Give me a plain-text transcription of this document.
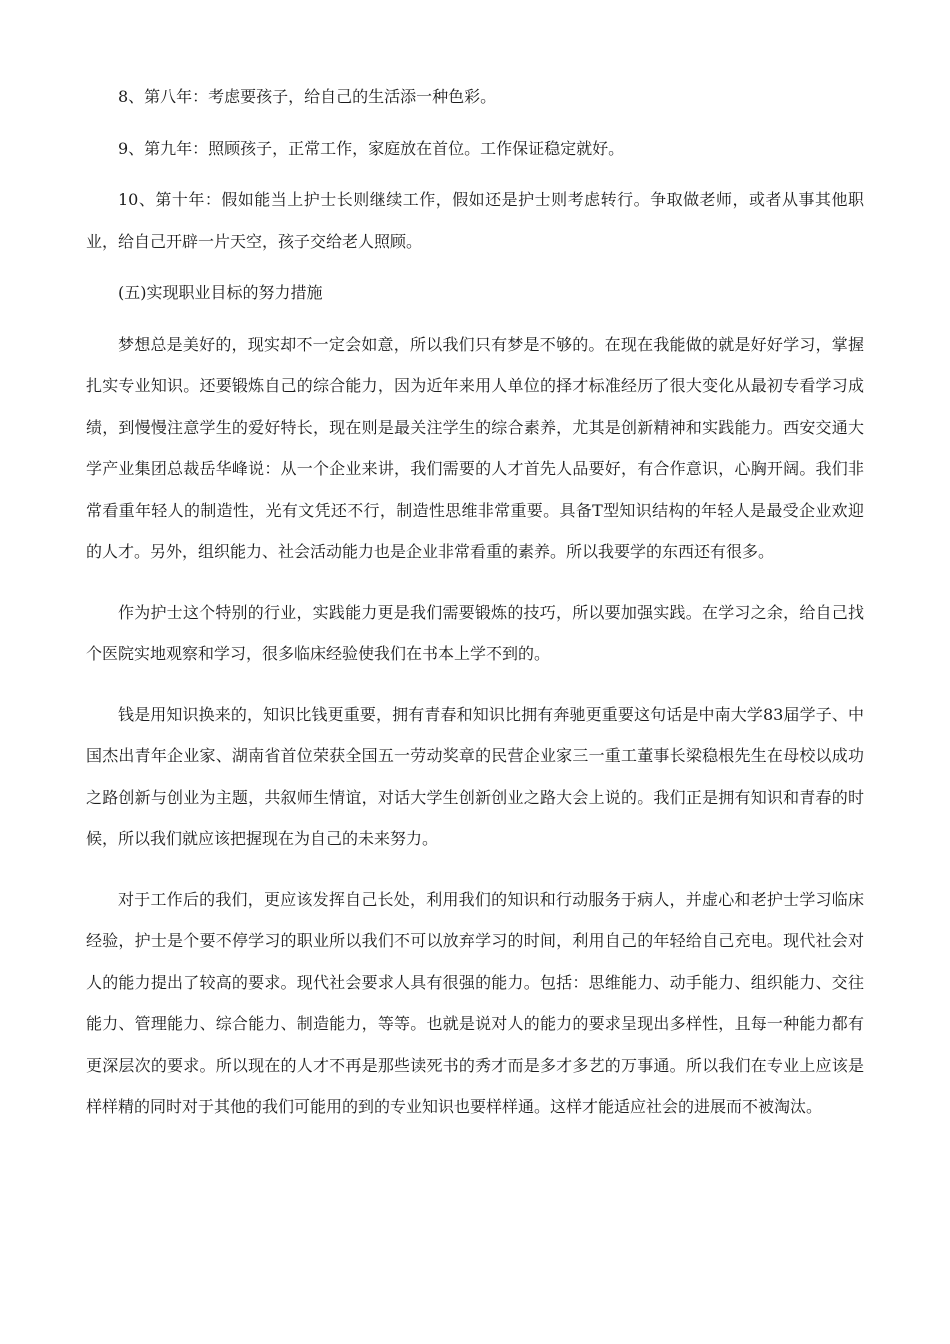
8、第八年：考虑要孩子，给自己的生活添一种色彩。

9、第九年：照顾孩子，正常工作，家庭放在首位。工作保证稳定就好。

10、第十年：假如能当上护士长则继续工作，假如还是护士则考虑转行。争取做老师，或者从事其他职业，给自己开辟一片天空，孩子交给老人照顾。

(五)实现职业目标的努力措施

梦想总是美好的，现实却不一定会如意，所以我们只有梦是不够的。在现在我能做的就是好好学习，掌握扎实专业知识。还要锻炼自己的综合能力，因为近年来用人单位的择才标准经历了很大变化从最初专看学习成绩，到慢慢注意学生的爱好特长，现在则是最关注学生的综合素养，尤其是创新精神和实践能力。西安交通大学产业集团总裁岳华峰说：从一个企业来讲，我们需要的人才首先人品要好，有合作意识，心胸开阔。我们非常看重年轻人的制造性，光有文凭还不行，制造性思维非常重要。具备T型知识结构的年轻人是最受企业欢迎的人才。另外，组织能力、社会活动能力也是企业非常看重的素养。所以我要学的东西还有很多。

作为护士这个特别的行业，实践能力更是我们需要锻炼的技巧，所以要加强实践。在学习之余，给自己找个医院实地观察和学习，很多临床经验使我们在书本上学不到的。

钱是用知识换来的，知识比钱更重要，拥有青春和知识比拥有奔驰更重要这句话是中南大学83届学子、中国杰出青年企业家、湖南省首位荣获全国五一劳动奖章的民营企业家三一重工董事长梁稳根先生在母校以成功之路创新与创业为主题，共叙师生情谊，对话大学生创新创业之路大会上说的。我们正是拥有知识和青春的时候，所以我们就应该把握现在为自己的未来努力。

对于工作后的我们，更应该发挥自己长处，利用我们的知识和行动服务于病人，并虚心和老护士学习临床经验，护士是个要不停学习的职业所以我们不可以放弃学习的时间，利用自己的年轻给自己充电。现代社会对人的能力提出了较高的要求。现代社会要求人具有很强的能力。包括：思维能力、动手能力、组织能力、交往能力、管理能力、综合能力、制造能力，等等。也就是说对人的能力的要求呈现出多样性，且每一种能力都有更深层次的要求。所以现在的人才不再是那些读死书的秀才而是多才多艺的万事通。所以我们在专业上应该是样样精的同时对于其他的我们可能用的到的专业知识也要样样通。这样才能适应社会的进展而不被淘汰。
